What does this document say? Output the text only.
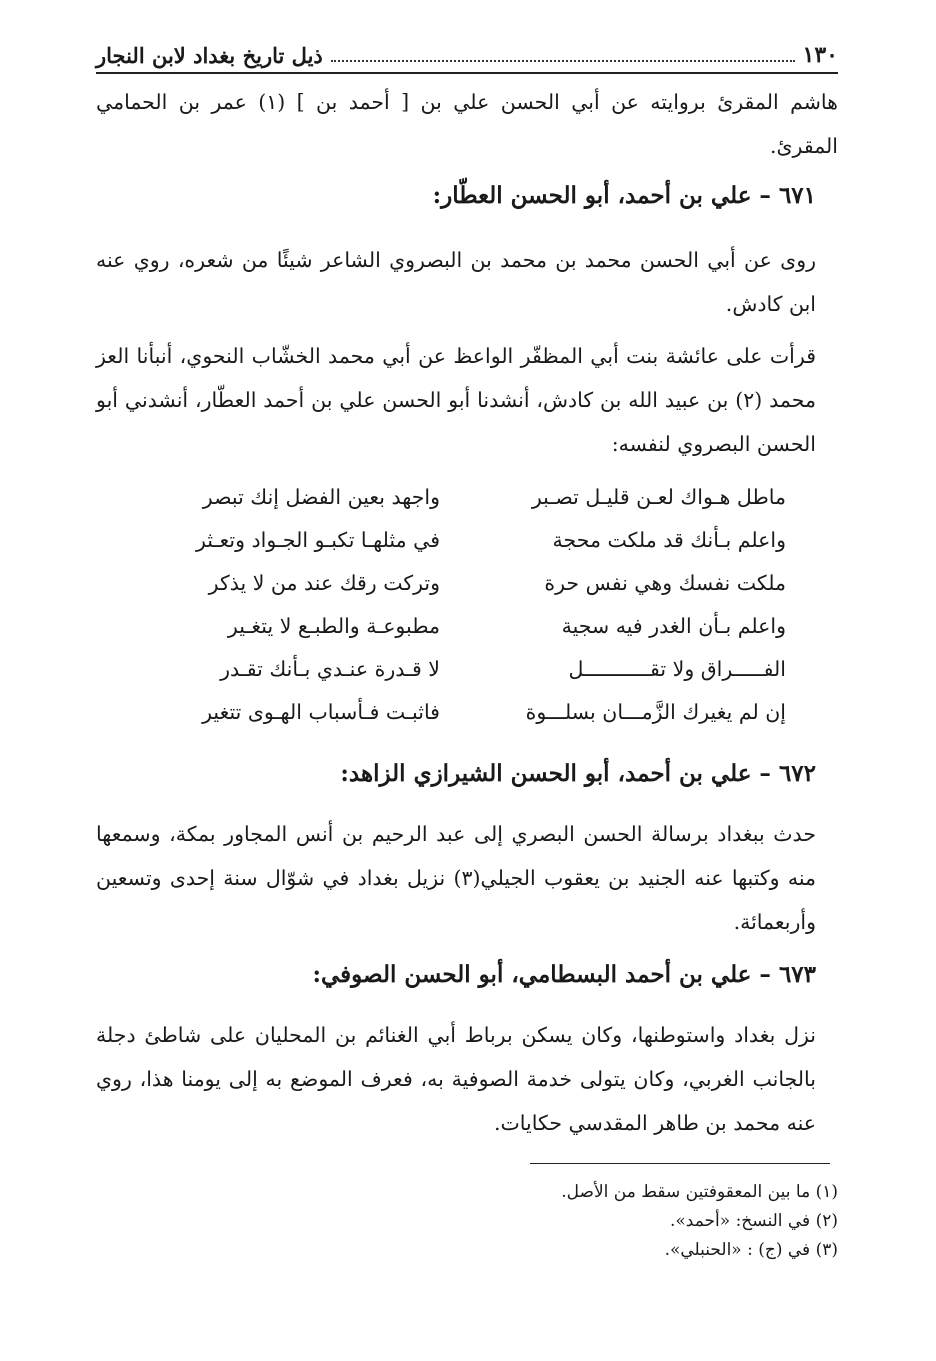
١٣٠
ذيل تاريخ بغداد لابن النجار

هاشم المقرئ بروايته عن أبي الحسن علي بن [ أحمد بن ] (١) عمر بن الحمامي المقرئ.

٦٧١ – علي بن أحمد، أبو الحسن العطّار:

روى عن أبي الحسن محمد بن محمد بن البصروي الشاعر شيئًا من شعره، روي عنه ابن كادش.

قرأت على عائشة بنت أبي المظفّر الواعظ عن أبي محمد الخشّاب النحوي، أنبأنا العز محمد (٢) بن عبيد الله بن كادش، أنشدنا أبو الحسن علي بن أحمد العطّار، أنشدني أبو الحسن البصروي لنفسه:

ماطل هـواك لعـن قليـل تصـبر
واجهد بعين الفضل إنك تبصر
واعلم بـأنك قد ملكت محجة
في مثلهـا تكبـو الجـواد وتعـثر
ملكت نفسك وهي نفس حرة
وتركت رقك عند من لا يذكر
واعلم بـأن الغدر فيه سجية
مطبوعـة والطبـع لا يتغـير
الفـــــراق ولا تقـــــــــــل
لا قـدرة عنـدي بـأنك تقـدر
إن لم يغيرك الزَّمـــان بسلـــوة
فاثبـت فـأسباب الهـوى تتغير
٦٧٢ – علي بن أحمد، أبو الحسن الشيرازي الزاهد:

حدث ببغداد برسالة الحسن البصري إلى عبد الرحيم بن أنس المجاور بمكة، وسمعها منه وكتبها عنه الجنيد بن يعقوب الجيلي(٣) نزيل بغداد في شوّال سنة إحدى وتسعين وأربعمائة.

٦٧٣ – علي بن أحمد البسطامي، أبو الحسن الصوفي:

نزل بغداد واستوطنها، وكان يسكن برباط أبي الغنائم بن المحليان على شاطئ دجلة بالجانب الغربي، وكان يتولى خدمة الصوفية به، فعرف الموضع به إلى يومنا هذا، روي عنه محمد بن طاهر المقدسي حكايات.

(١) ما بين المعقوفتين سقط من الأصل.

(٢) في النسخ: «أحمد».

(٣) في (ج) : «الحنبلي».
